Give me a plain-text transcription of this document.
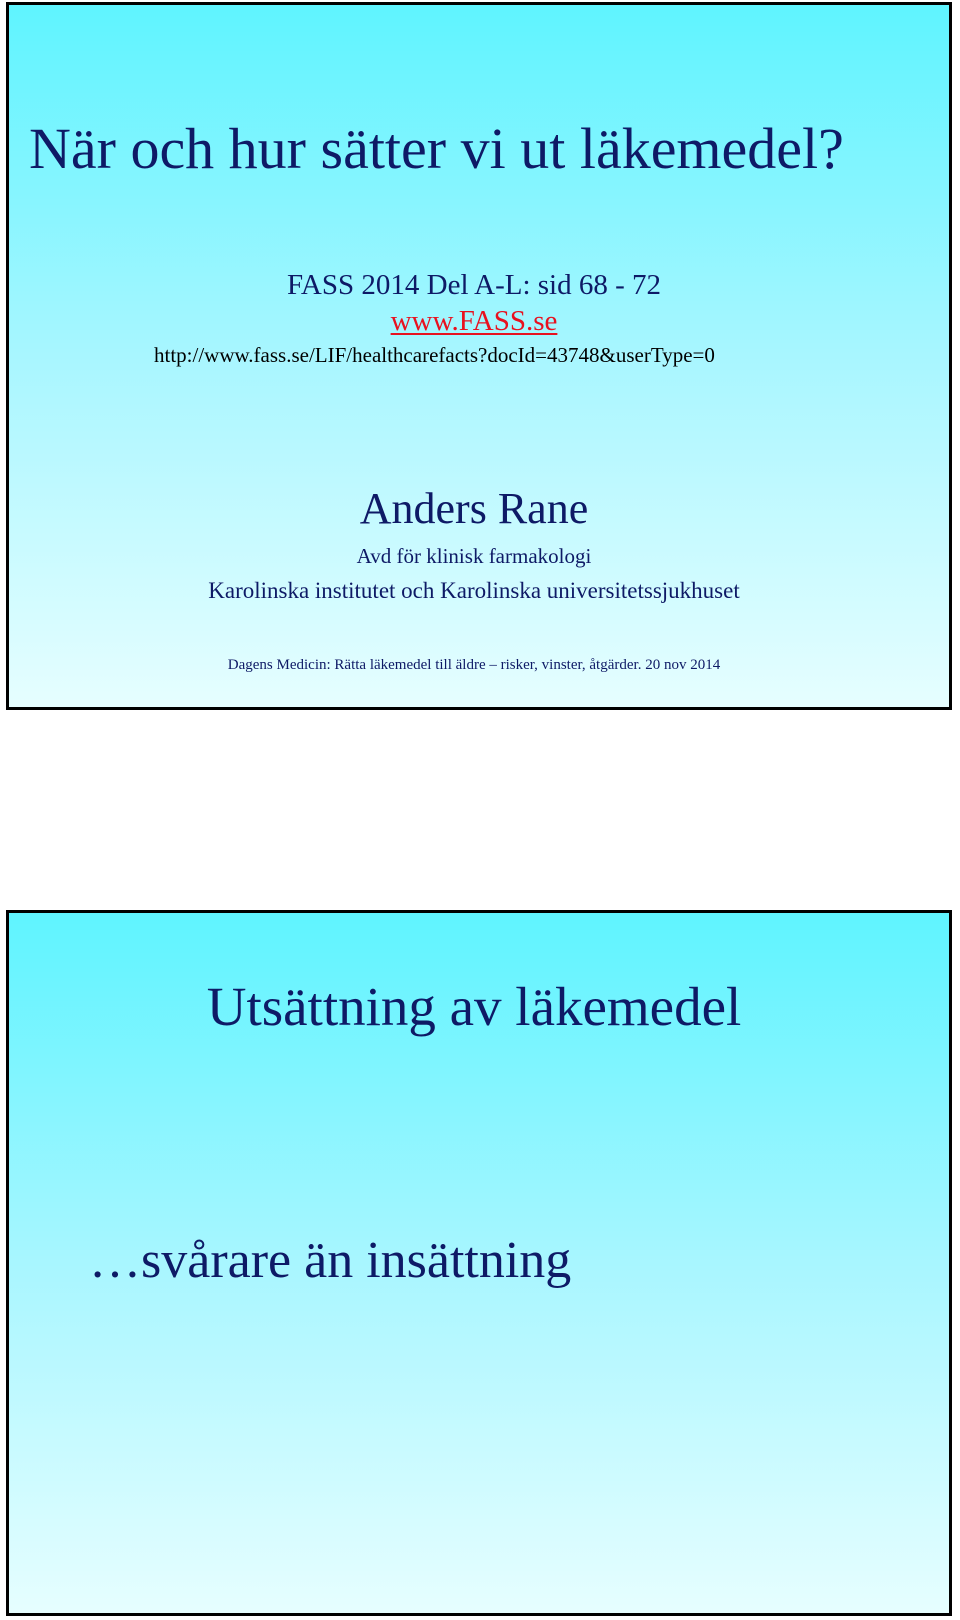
När och hur sätter vi ut läkemedel?
FASS 2014 Del A-L: sid 68 - 72
www.FASS.se
http://www.fass.se/LIF/healthcarefacts?docId=43748&userType=0
Anders Rane
Avd för klinisk farmakologi
Karolinska institutet och Karolinska universitetssjukhuset
Dagens Medicin: Rätta läkemedel till äldre – risker, vinster, åtgärder. 20 nov 2014
Utsättning av läkemedel
…svårare än insättning
